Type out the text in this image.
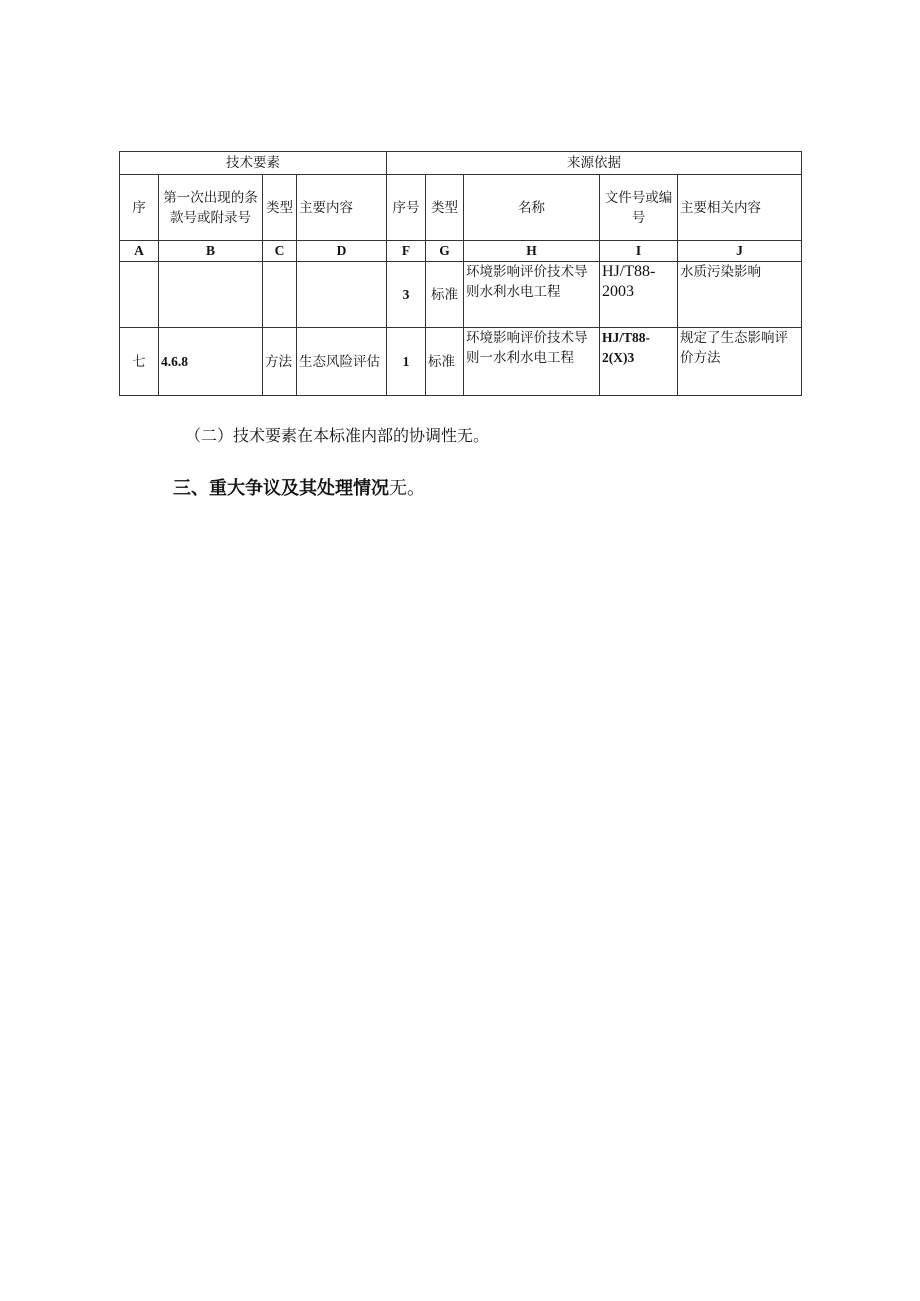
技术要素				来源依据				
序	第一次出现的条款号或附录号	类型	主要内容	序号	类型	名称	文件号或编号	主要相关内容
A	B	C	D	F	G	H	I	J
				3	标准	环境影响评价技术导则水利水电工程	HJ/T88-2003	水质污染影响
七	4.6.8	方法	生态风险评估	1	标准	环境影响评价技术导则一水利水电工程	HJ/T88-2(X)3	规定了生态影响评价方法
（二）技术要素在本标准内部的协调性无。
三、重大争议及其处理情况无。
